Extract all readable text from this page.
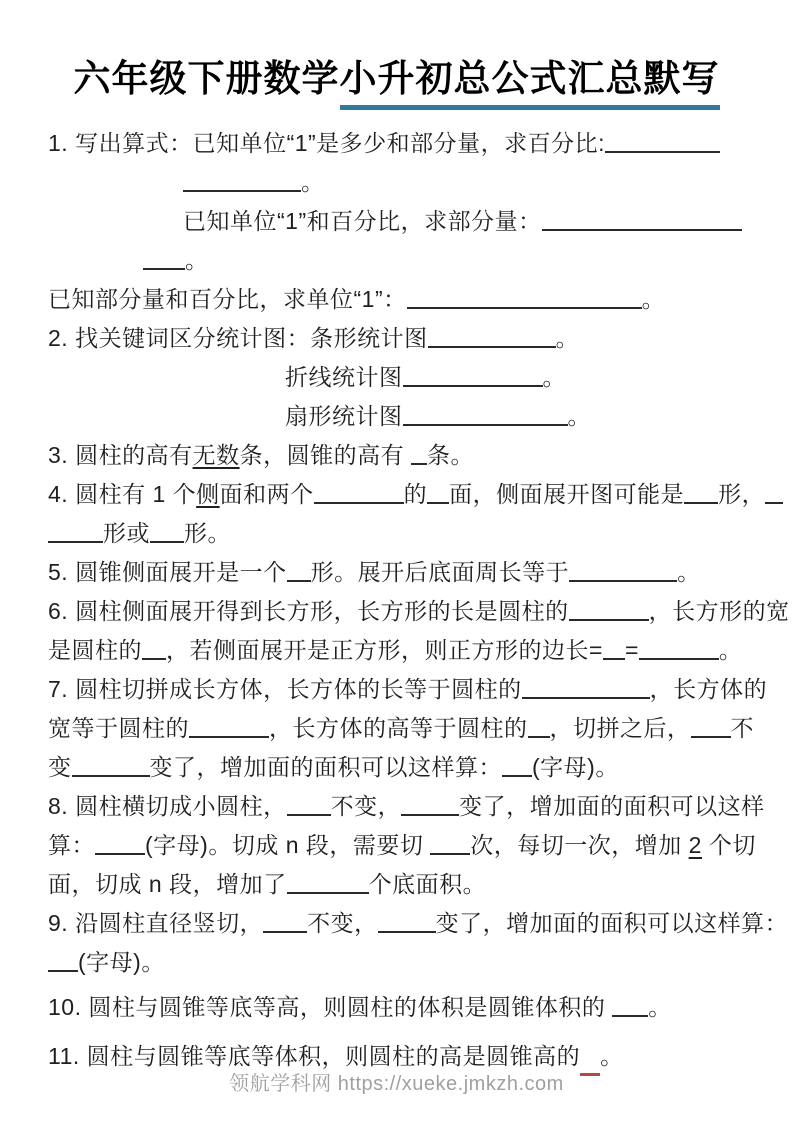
六年级下册数学小升初总公式汇总默写
1. 写出算式：已知单位“1”是多少和部分量，求百分比:
。
已知单位“1”和百分比，求部分量：
。
已知部分量和百分比，求单位“1”：	。
2. 找关键词区分统计图：条形统计图	。
折线统计图	。
扇形统计图	。
3. 圆柱的高有无数条，圆锥的高有 条。
4. 圆柱有 1 个侧面和两个	的 面，侧面展开图可能是 形，
形或 形。
5. 圆锥侧面展开是一个 形。展开后底面周长等于	。
6. 圆柱侧面展开得到长方形，长方形的长是圆柱的	，长方形的宽
是圆柱的 ，若侧面展开是正方形，则正方形的边长= =	。
7. 圆柱切拼成长方体，长方体的长等于圆柱的	，长方体的
宽等于圆柱的	，长方体的高等于圆柱的 ，切拼之后， 不
变	变了，增加面的面积可以这样算： (字母)。
8. 圆柱横切成小圆柱， 不变，	变了，增加面的面积可以这样
算： (字母)。切成 n 段，需要切 次，每切一次，增加 2 个切
面，切成 n 段，增加了	个底面积。
9. 沿圆柱直径竖切， 不变，	变了，增加面的面积可以这样算：
(字母)。
10. 圆柱与圆锥等底等高，则圆柱的体积是圆锥体积的 。
11. 圆柱与圆锥等底等体积，则圆柱的高是圆锥高的 。
领航学科网 https://xueke.jmkzh.com
